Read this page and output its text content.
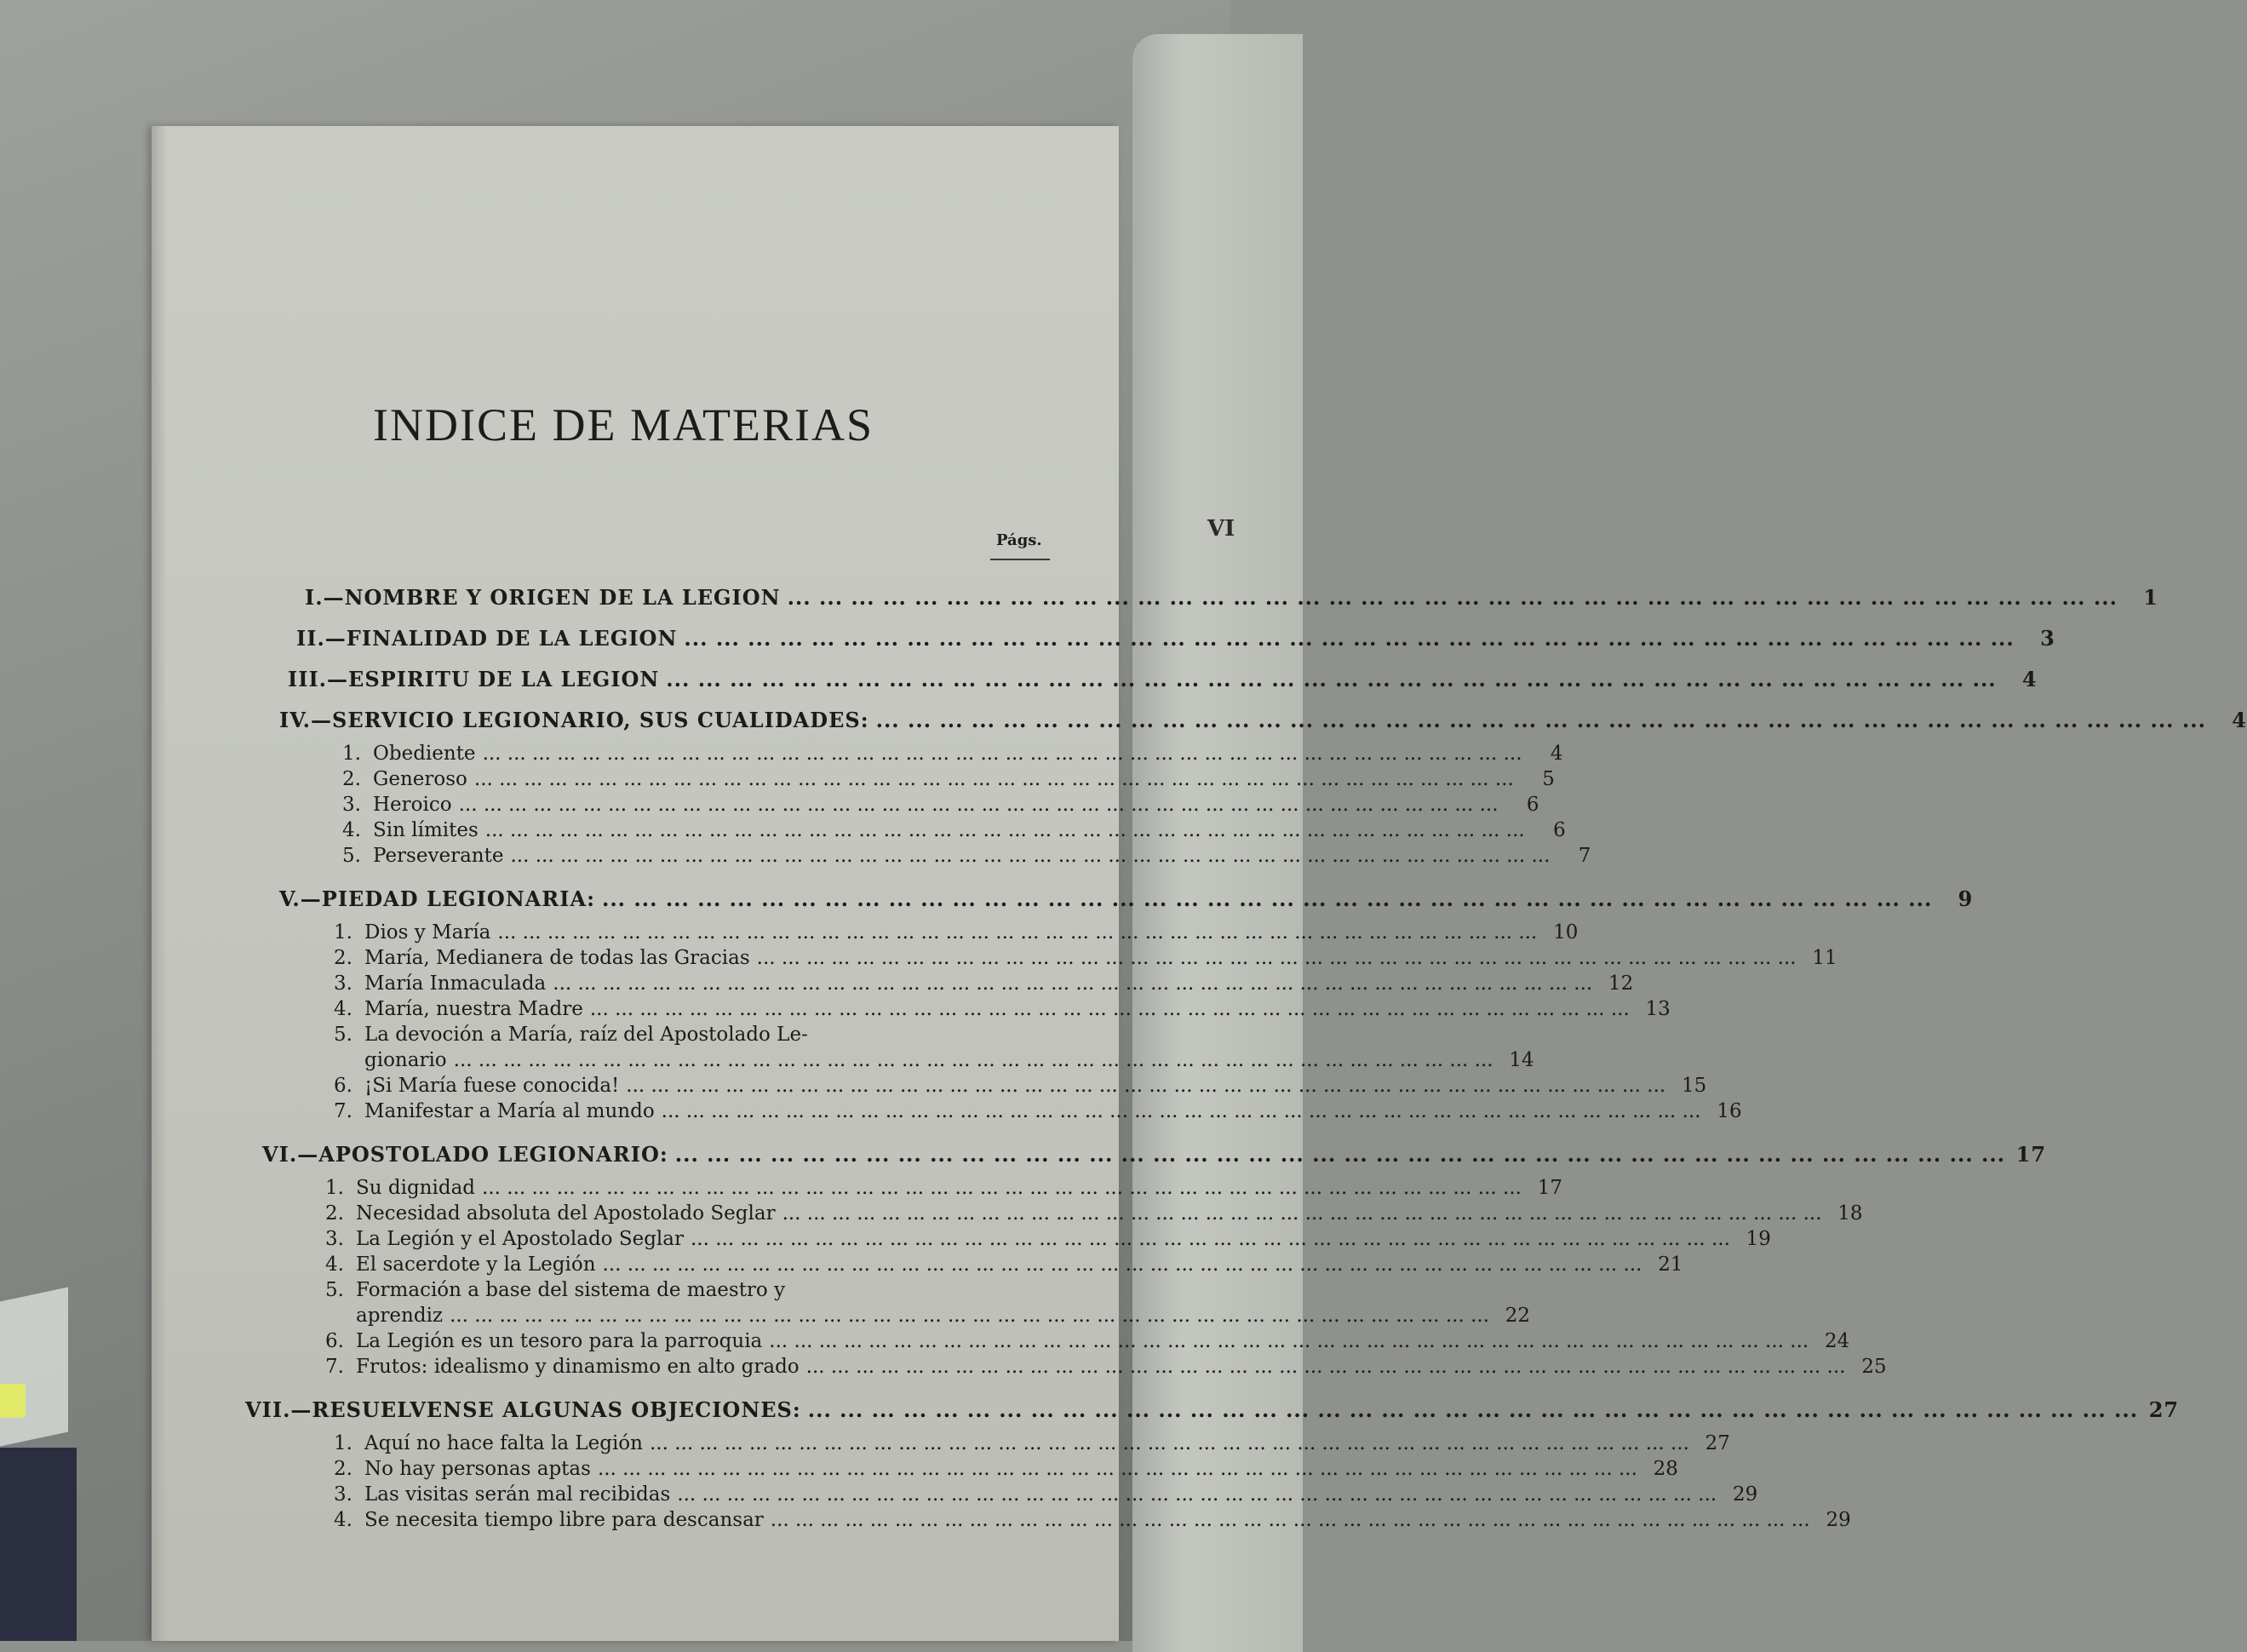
VI
INDICE DE MATERIAS
Págs.
I.—NOMBRE Y ORIGEN DE LA LEGION ... ... ... ... ... ... ... ... ... ... ... ... ... ... ... ... ... ... ... ... ... ... ... ... ... ... ... ... ... ... ... ... ... ... ... ... ... ... ... ... ... ...	1
II.—FINALIDAD DE LA LEGION ... ... ... ... ... ... ... ... ... ... ... ... ... ... ... ... ... ... ... ... ... ... ... ... ... ... ... ... ... ... ... ... ... ... ... ... ... ... ... ... ... ...	3
III.—ESPIRITU DE LA LEGION ... ... ... ... ... ... ... ... ... ... ... ... ... ... ... ... ... ... ... ... ... ... ... ... ... ... ... ... ... ... ... ... ... ... ... ... ... ... ... ... ... ...	4
IV.—SERVICIO LEGIONARIO, SUS CUALIDADES: ... ... ... ... ... ... ... ... ... ... ... ... ... ... ... ... ... ... ... ... ... ... ... ... ... ... ... ... ... ... ... ... ... ... ... ... ... ... ... ... ... ...	4
1. Obediente ... ... ... ... ... ... ... ... ... ... ... ... ... ... ... ... ... ... ... ... ... ... ... ... ... ... ... ... ... ... ... ... ... ... ... ... ... ... ... ... ... ...	4
2. Generoso ... ... ... ... ... ... ... ... ... ... ... ... ... ... ... ... ... ... ... ... ... ... ... ... ... ... ... ... ... ... ... ... ... ... ... ... ... ... ... ... ... ...	5
3. Heroico ... ... ... ... ... ... ... ... ... ... ... ... ... ... ... ... ... ... ... ... ... ... ... ... ... ... ... ... ... ... ... ... ... ... ... ... ... ... ... ... ... ...	6
4. Sin límites ... ... ... ... ... ... ... ... ... ... ... ... ... ... ... ... ... ... ... ... ... ... ... ... ... ... ... ... ... ... ... ... ... ... ... ... ... ... ... ... ... ...	6
5. Perseverante ... ... ... ... ... ... ... ... ... ... ... ... ... ... ... ... ... ... ... ... ... ... ... ... ... ... ... ... ... ... ... ... ... ... ... ... ... ... ... ... ... ...	7
V.—PIEDAD LEGIONARIA: ... ... ... ... ... ... ... ... ... ... ... ... ... ... ... ... ... ... ... ... ... ... ... ... ... ... ... ... ... ... ... ... ... ... ... ... ... ... ... ... ... ...	9
1. Dios y María ... ... ... ... ... ... ... ... ... ... ... ... ... ... ... ... ... ... ... ... ... ... ... ... ... ... ... ... ... ... ... ... ... ... ... ... ... ... ... ... ... ... 10
2. María, Medianera de todas las Gracias ... ... ... ... ... ... ... ... ... ... ... ... ... ... ... ... ... ... ... ... ... ... ... ... ... ... ... ... ... ... ... ... ... ... ... ... ... ... ... ... ... ... 11
3. María Inmaculada ... ... ... ... ... ... ... ... ... ... ... ... ... ... ... ... ... ... ... ... ... ... ... ... ... ... ... ... ... ... ... ... ... ... ... ... ... ... ... ... ... ... 12
4. María, nuestra Madre ... ... ... ... ... ... ... ... ... ... ... ... ... ... ... ... ... ... ... ... ... ... ... ... ... ... ... ... ... ... ... ... ... ... ... ... ... ... ... ... ... ... 13
5. La devoción a María, raíz del Apostolado Le-
gionario ... ... ... ... ... ... ... ... ... ... ... ... ... ... ... ... ... ... ... ... ... ... ... ... ... ... ... ... ... ... ... ... ... ... ... ... ... ... ... ... ... ... 14
6. ¡Si María fuese conocida! ... ... ... ... ... ... ... ... ... ... ... ... ... ... ... ... ... ... ... ... ... ... ... ... ... ... ... ... ... ... ... ... ... ... ... ... ... ... ... ... ... ... 15
7. Manifestar a María al mundo ... ... ... ... ... ... ... ... ... ... ... ... ... ... ... ... ... ... ... ... ... ... ... ... ... ... ... ... ... ... ... ... ... ... ... ... ... ... ... ... ... ... 16
VI.—APOSTOLADO LEGIONARIO: ... ... ... ... ... ... ... ... ... ... ... ... ... ... ... ... ... ... ... ... ... ... ... ... ... ... ... ... ... ... ... ... ... ... ... ... ... ... ... ... ... ... 17
1. Su dignidad ... ... ... ... ... ... ... ... ... ... ... ... ... ... ... ... ... ... ... ... ... ... ... ... ... ... ... ... ... ... ... ... ... ... ... ... ... ... ... ... ... ... 17
2. Necesidad absoluta del Apostolado Seglar ... ... ... ... ... ... ... ... ... ... ... ... ... ... ... ... ... ... ... ... ... ... ... ... ... ... ... ... ... ... ... ... ... ... ... ... ... ... ... ... ... ... 18
3. La Legión y el Apostolado Seglar ... ... ... ... ... ... ... ... ... ... ... ... ... ... ... ... ... ... ... ... ... ... ... ... ... ... ... ... ... ... ... ... ... ... ... ... ... ... ... ... ... ... 19
4. El sacerdote y la Legión ... ... ... ... ... ... ... ... ... ... ... ... ... ... ... ... ... ... ... ... ... ... ... ... ... ... ... ... ... ... ... ... ... ... ... ... ... ... ... ... ... ... 21
5. Formación a base del sistema de maestro y
aprendiz ... ... ... ... ... ... ... ... ... ... ... ... ... ... ... ... ... ... ... ... ... ... ... ... ... ... ... ... ... ... ... ... ... ... ... ... ... ... ... ... ... ... 22
6. La Legión es un tesoro para la parroquia ... ... ... ... ... ... ... ... ... ... ... ... ... ... ... ... ... ... ... ... ... ... ... ... ... ... ... ... ... ... ... ... ... ... ... ... ... ... ... ... ... ... 24
7. Frutos: idealismo y dinamismo en alto grado ... ... ... ... ... ... ... ... ... ... ... ... ... ... ... ... ... ... ... ... ... ... ... ... ... ... ... ... ... ... ... ... ... ... ... ... ... ... ... ... ... ... 25
VII.—RESUELVENSE ALGUNAS OBJECIONES: ... ... ... ... ... ... ... ... ... ... ... ... ... ... ... ... ... ... ... ... ... ... ... ... ... ... ... ... ... ... ... ... ... ... ... ... ... ... ... ... ... ... 27
1. Aquí no hace falta la Legión ... ... ... ... ... ... ... ... ... ... ... ... ... ... ... ... ... ... ... ... ... ... ... ... ... ... ... ... ... ... ... ... ... ... ... ... ... ... ... ... ... ... 27
2. No hay personas aptas ... ... ... ... ... ... ... ... ... ... ... ... ... ... ... ... ... ... ... ... ... ... ... ... ... ... ... ... ... ... ... ... ... ... ... ... ... ... ... ... ... ... 28
3. Las visitas serán mal recibidas ... ... ... ... ... ... ... ... ... ... ... ... ... ... ... ... ... ... ... ... ... ... ... ... ... ... ... ... ... ... ... ... ... ... ... ... ... ... ... ... ... ... 29
4. Se necesita tiempo libre para descansar ... ... ... ... ... ... ... ... ... ... ... ... ... ... ... ... ... ... ... ... ... ... ... ... ... ... ... ... ... ... ... ... ... ... ... ... ... ... ... ... ... ... 29
